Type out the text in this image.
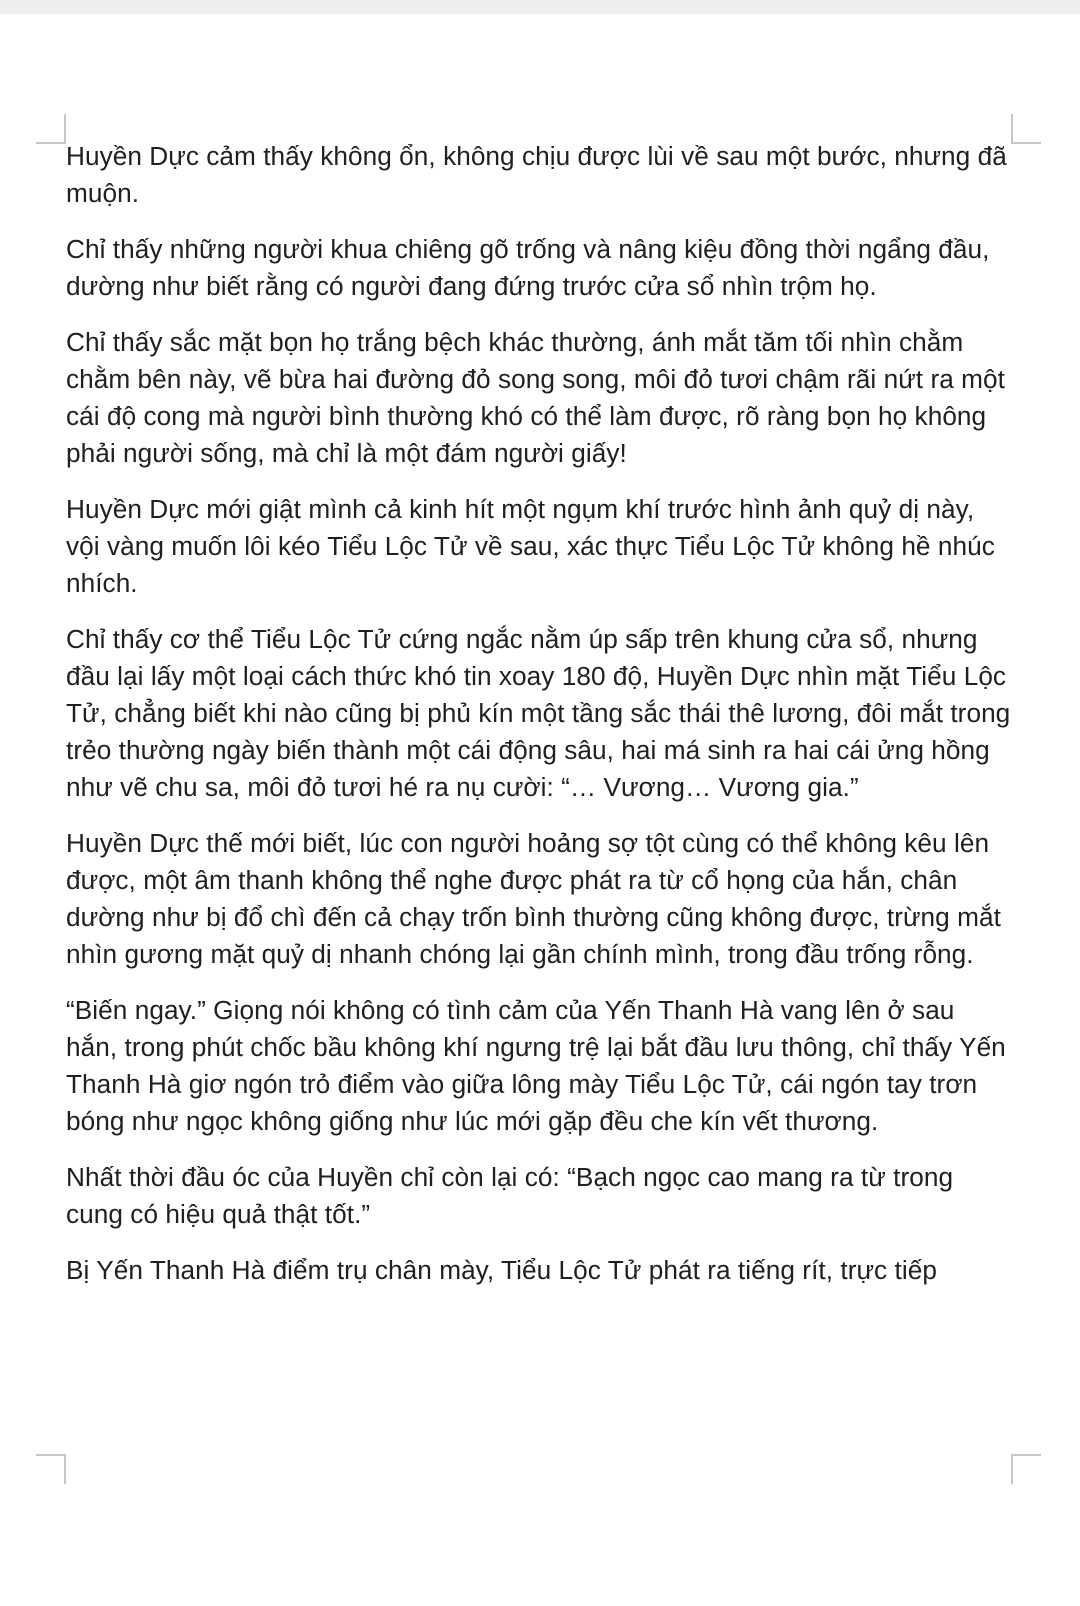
Huyền Dực cảm thấy không ổn, không chịu được lùi về sau một bước, nhưng đã muộn.

Chỉ thấy những người khua chiêng gõ trống và nâng kiệu đồng thời ngẩng đầu, dường như biết rằng có người đang đứng trước cửa sổ nhìn trộm họ.

Chỉ thấy sắc mặt bọn họ trắng bệch khác thường, ánh mắt tăm tối nhìn chằm chằm bên này, vẽ bừa hai đường đỏ song song, môi đỏ tươi chậm rãi nứt ra một cái độ cong mà người bình thường khó có thể làm được, rõ ràng bọn họ không phải người sống, mà chỉ là một đám người giấy!

Huyền Dực mới giật mình cả kinh hít một ngụm khí trước hình ảnh quỷ dị này, vội vàng muốn lôi kéo Tiểu Lộc Tử về sau, xác thực Tiểu Lộc Tử không hề nhúc nhích.

Chỉ thấy cơ thể Tiểu Lộc Tử cứng ngắc nằm úp sấp trên khung cửa sổ, nhưng đầu lại lấy một loại cách thức khó tin xoay 180 độ, Huyền Dực nhìn mặt Tiểu Lộc Tử, chẳng biết khi nào cũng bị phủ kín một tầng sắc thái thê lương, đôi mắt trong trẻo thường ngày biến thành một cái động sâu, hai má sinh ra hai cái ửng hồng như vẽ chu sa, môi đỏ tươi hé ra nụ cười: “… Vương… Vương gia.”

Huyền Dực thế mới biết, lúc con người hoảng sợ tột cùng có thể không kêu lên được, một âm thanh không thể nghe được phát ra từ cổ họng của hắn, chân dường như bị đổ chì đến cả chạy trốn bình thường cũng không được, trừng mắt nhìn gương mặt quỷ dị nhanh chóng lại gần chính mình, trong đầu trống rỗng.

“Biến ngay.” Giọng nói không có tình cảm của Yến Thanh Hà vang lên ở sau hắn, trong phút chốc bầu không khí ngưng trệ lại bắt đầu lưu thông, chỉ thấy Yến Thanh Hà giơ ngón trỏ điểm vào giữa lông mày Tiểu Lộc Tử, cái ngón tay trơn bóng như ngọc không giống như lúc mới gặp đều che kín vết thương.

Nhất thời đầu óc của Huyền chỉ còn lại có: “Bạch ngọc cao mang ra từ trong cung có hiệu quả thật tốt.”

Bị Yến Thanh Hà điểm trụ chân mày, Tiểu Lộc Tử phát ra tiếng rít, trực tiếp
